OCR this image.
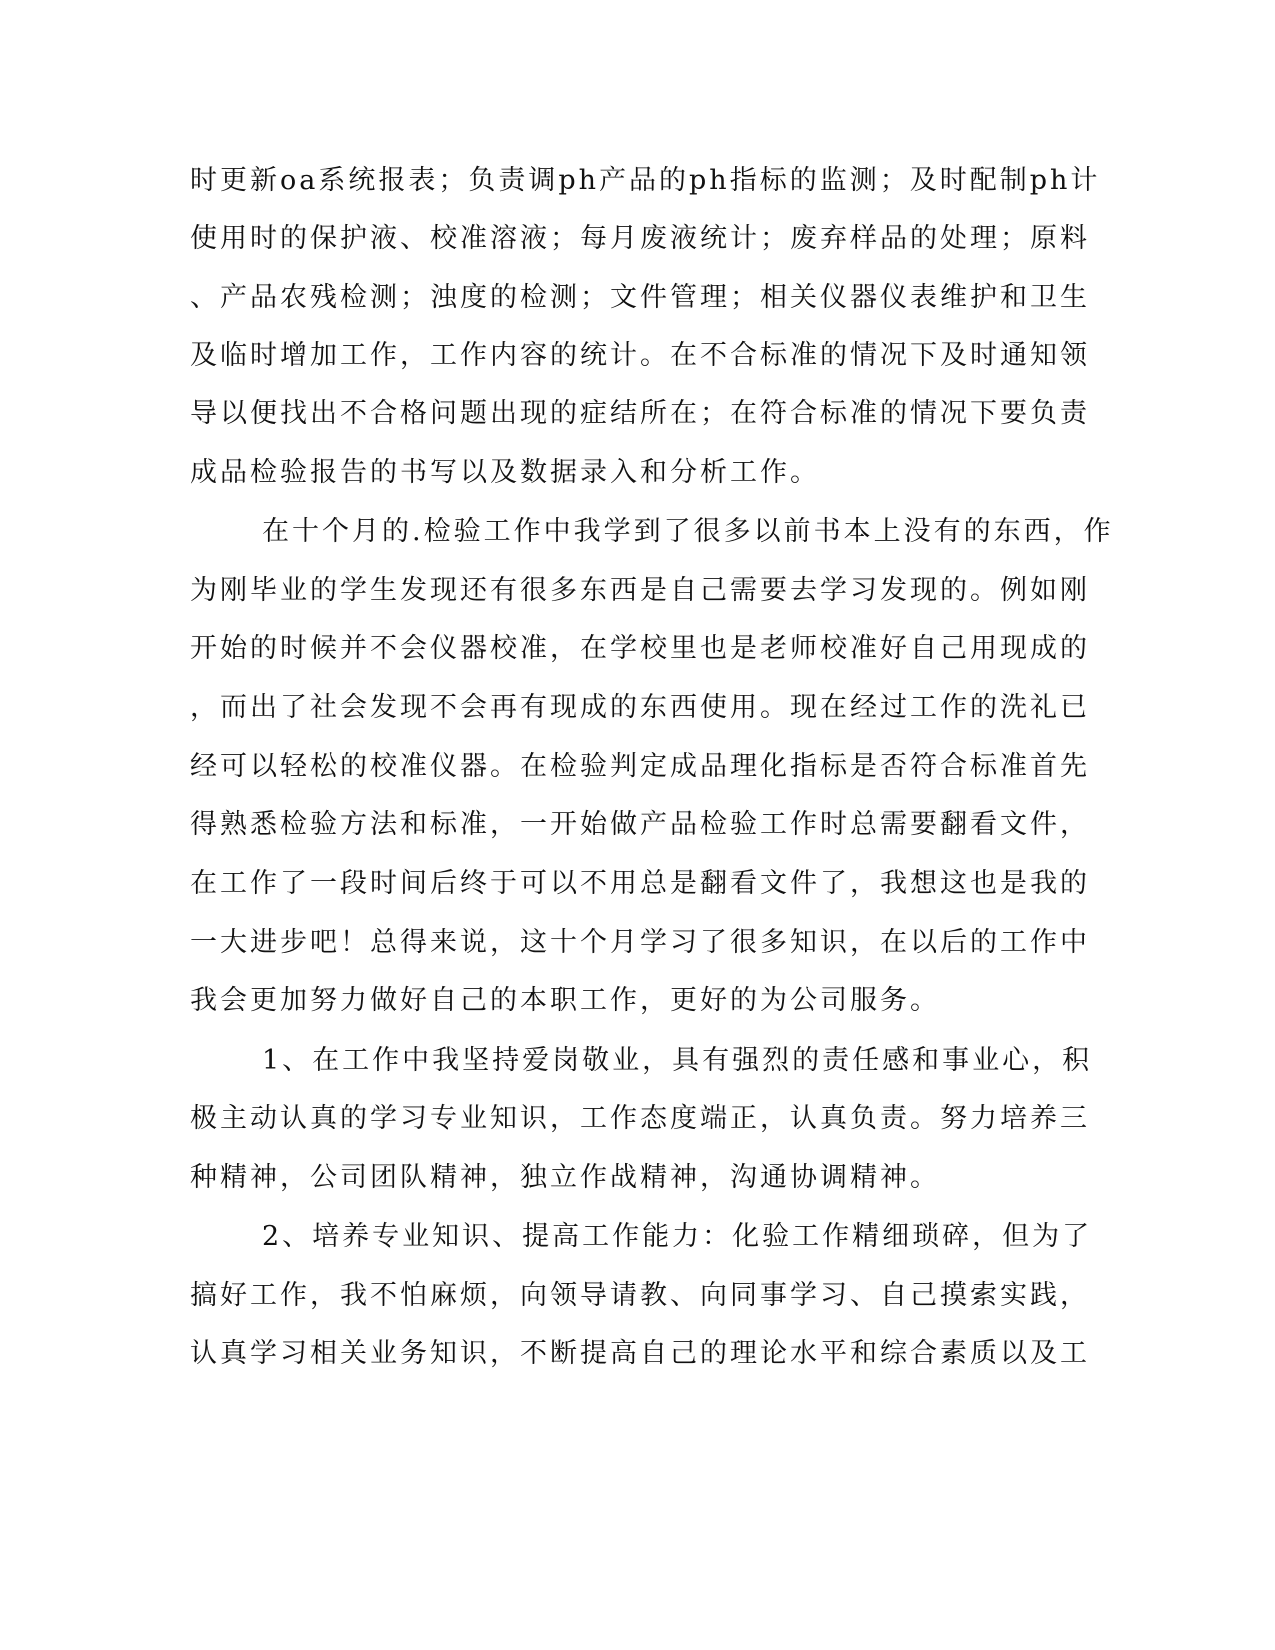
时更新oa系统报表；负责调ph产品的ph指标的监测；及时配制ph计
使用时的保护液、校准溶液；每月废液统计；废弃样品的处理；原料
、产品农残检测；浊度的检测；文件管理；相关仪器仪表维护和卫生
及临时增加工作，工作内容的统计。在不合标准的情况下及时通知领
导以便找出不合格问题出现的症结所在；在符合标准的情况下要负责
成品检验报告的书写以及数据录入和分析工作。
在十个月的.检验工作中我学到了很多以前书本上没有的东西，作
为刚毕业的学生发现还有很多东西是自己需要去学习发现的。例如刚
开始的时候并不会仪器校准，在学校里也是老师校准好自己用现成的
，而出了社会发现不会再有现成的东西使用。现在经过工作的洗礼已
经可以轻松的校准仪器。在检验判定成品理化指标是否符合标准首先
得熟悉检验方法和标准，一开始做产品检验工作时总需要翻看文件，
在工作了一段时间后终于可以不用总是翻看文件了，我想这也是我的
一大进步吧！总得来说，这十个月学习了很多知识，在以后的工作中
我会更加努力做好自己的本职工作，更好的为公司服务。
1、在工作中我坚持爱岗敬业，具有强烈的责任感和事业心，积
极主动认真的学习专业知识，工作态度端正，认真负责。努力培养三
种精神，公司团队精神，独立作战精神，沟通协调精神。
2、培养专业知识、提高工作能力：化验工作精细琐碎，但为了
搞好工作，我不怕麻烦，向领导请教、向同事学习、自己摸索实践，
认真学习相关业务知识，不断提高自己的理论水平和综合素质以及工
